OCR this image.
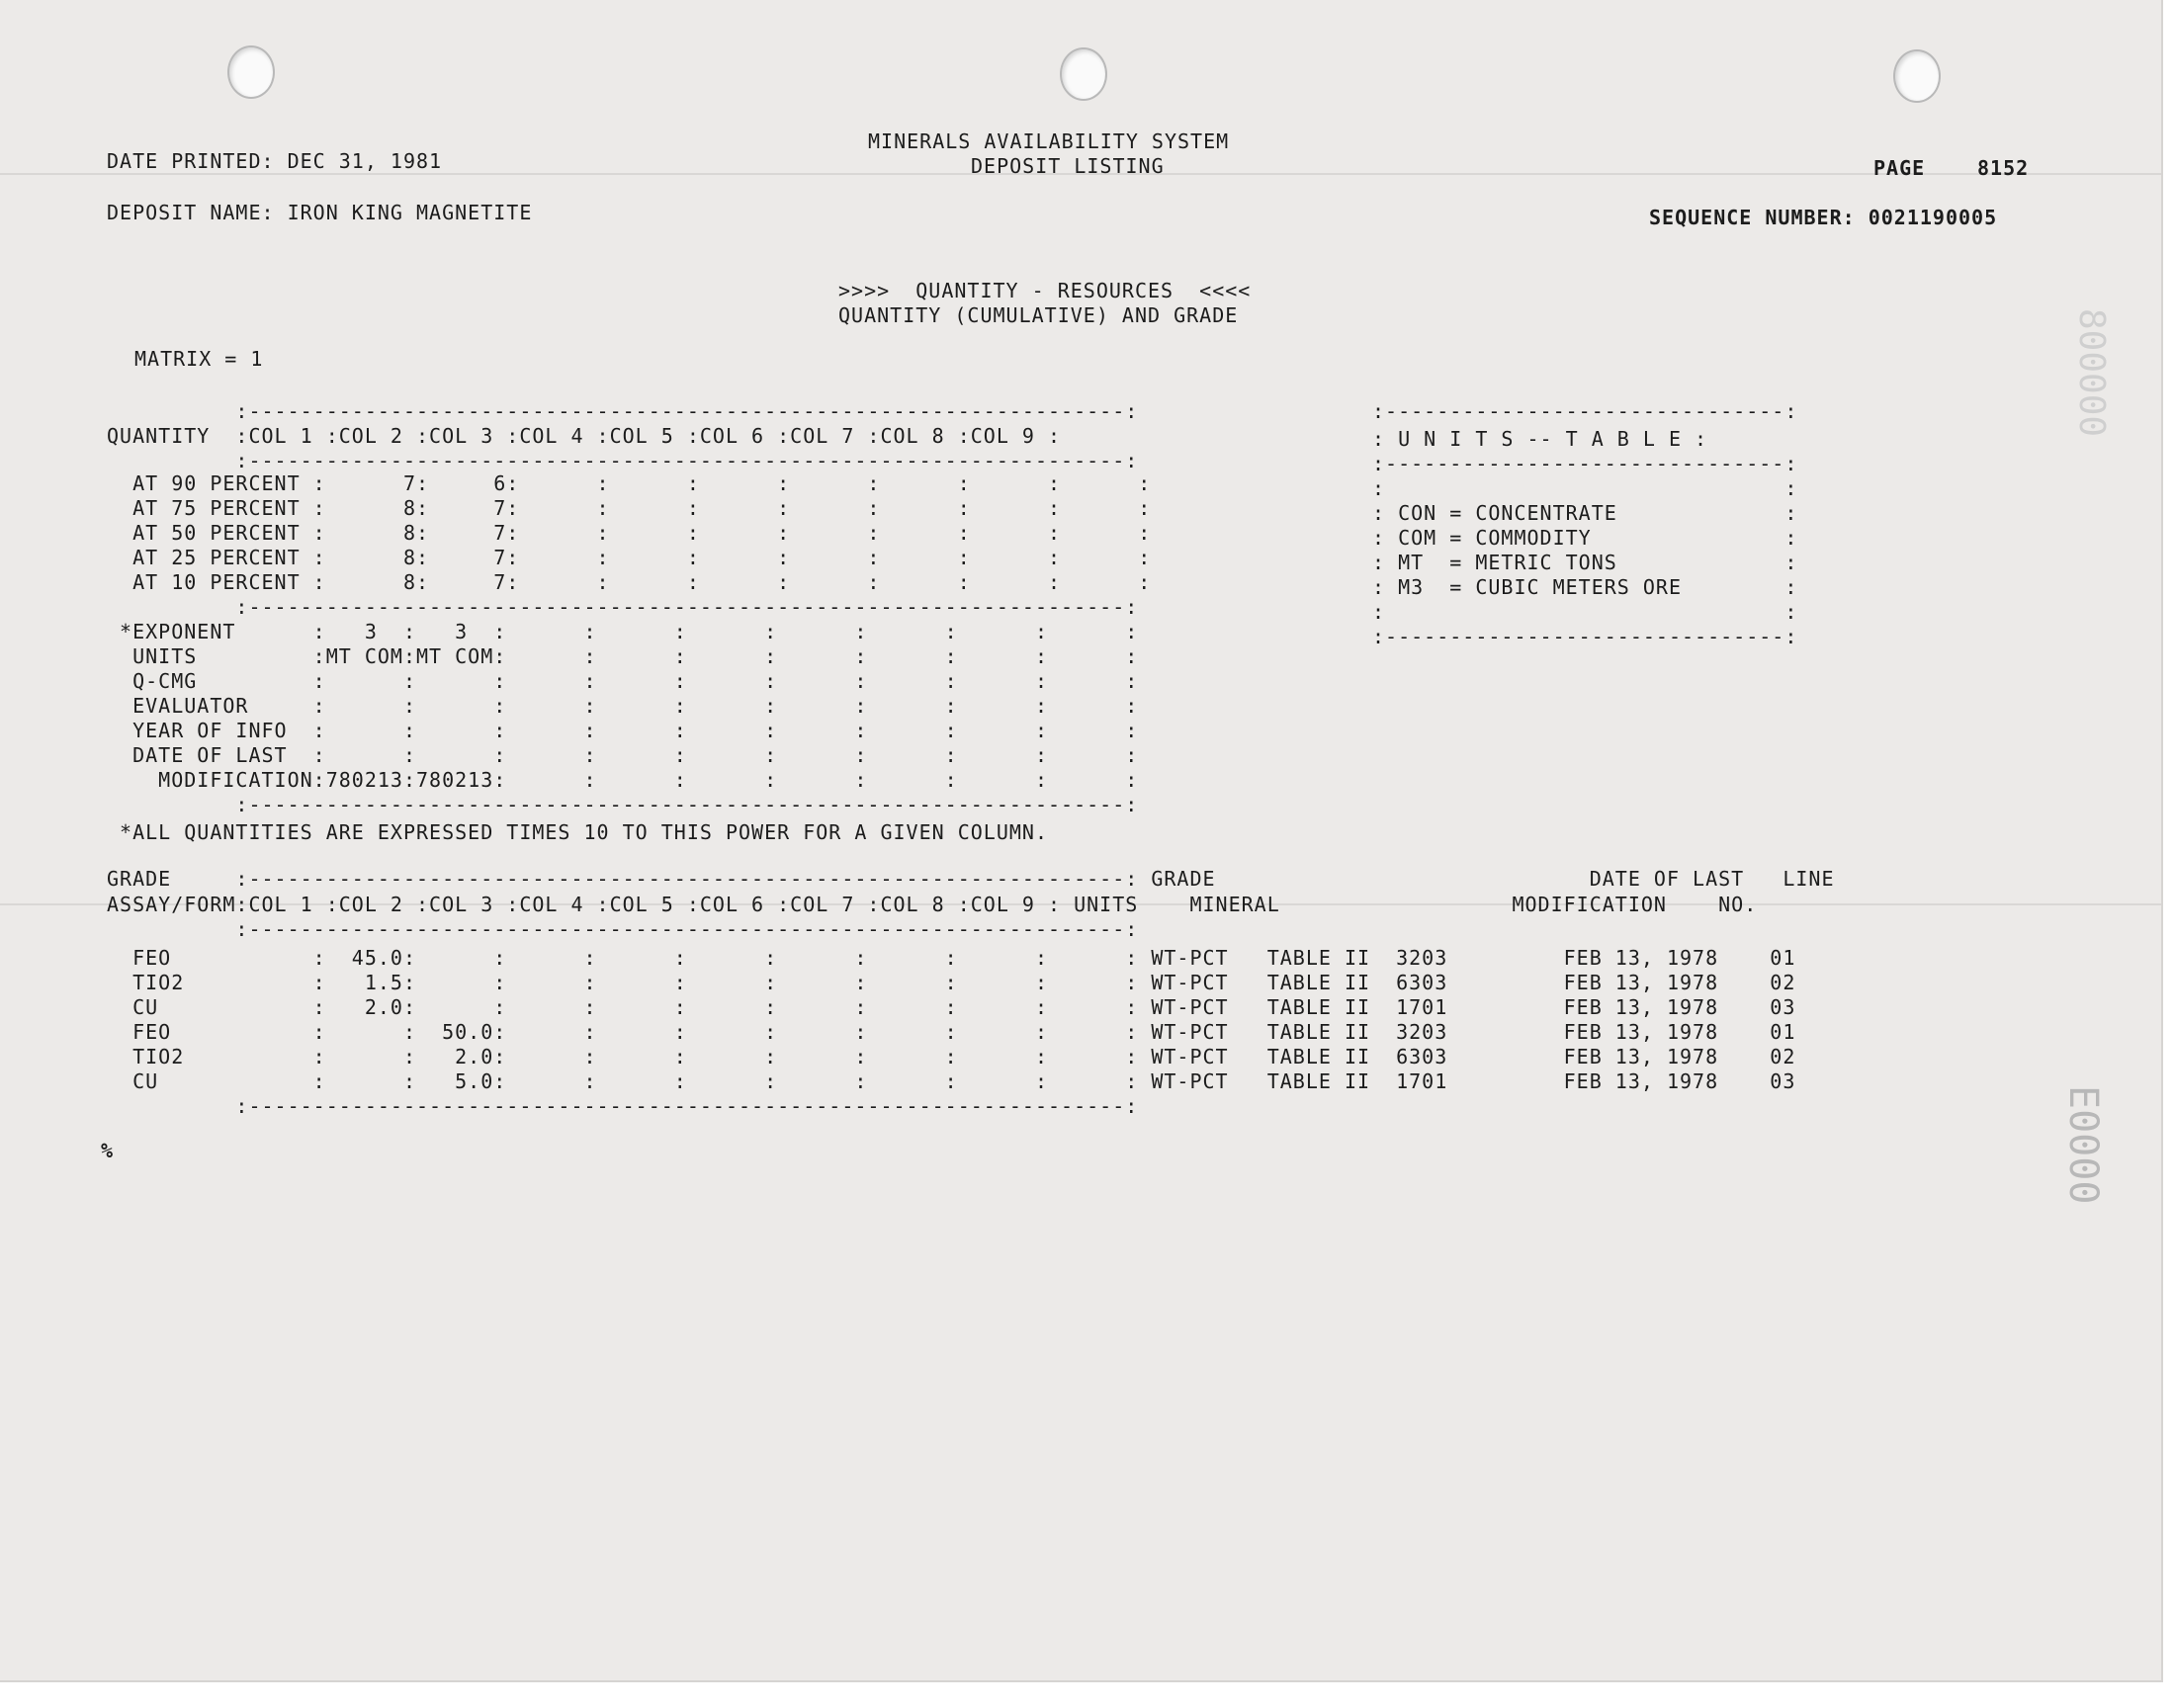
DATE PRINTED: DEC 31, 1981
MINERALS AVAILABILITY SYSTEM
DEPOSIT LISTING	PAGE	8152
DEPOSIT NAME: IRON KING MAGNETITE	SEQUENCE NUMBER: 0021190005
>>>>  QUANTITY - RESOURCES  <<<<
QUANTITY (CUMULATIVE) AND GRADE
MATRIX = 1
:--------------------------------------------------------------------:
QUANTITY  :COL 1 :COL 2 :COL 3 :COL 4 :COL 5 :COL 6 :COL 7 :COL 8 :COL 9 :
:--------------------------------------------------------------------:
AT 90 PERCENT :      7:     6:      :      :      :      :      :      :      :
AT 75 PERCENT :      8:     7:      :      :      :      :      :      :      :
AT 50 PERCENT :      8:     7:      :      :      :      :      :      :      :
AT 25 PERCENT :      8:     7:      :      :      :      :      :      :      :
AT 10 PERCENT :      8:     7:      :      :      :      :      :      :      :
:--------------------------------------------------------------------:
*EXPONENT      :   3  :   3  :      :      :      :      :      :      :      :
UNITS         :MT COM:MT COM:      :      :      :      :      :      :      :
Q-CMG         :      :      :      :      :      :      :      :      :      :
EVALUATOR     :      :      :      :      :      :      :      :      :      :
YEAR OF INFO  :      :      :      :      :      :      :      :      :      :
DATE OF LAST  :      :      :      :      :      :      :      :      :      :
MODIFICATION:780213:780213:      :      :      :      :      :      :      :
:--------------------------------------------------------------------:
*ALL QUANTITIES ARE EXPRESSED TIMES 10 TO THIS POWER FOR A GIVEN COLUMN.
:-------------------------------:
: U N I T S -- T A B L E :
:-------------------------------:
:                               :
: CON = CONCENTRATE             :
: COM = COMMODITY               :
: MT  = METRIC TONS             :
: M3  = CUBIC METERS ORE        :
:                               :
:-------------------------------:
GRADE     :--------------------------------------------------------------------: GRADE                             DATE OF LAST   LINE
ASSAY/FORM:COL 1 :COL 2 :COL 3 :COL 4 :COL 5 :COL 6 :COL 7 :COL 8 :COL 9 : UNITS    MINERAL                  MODIFICATION    NO.
:--------------------------------------------------------------------:
FEO           :  45.0:      :      :      :      :      :      :      :      : WT-PCT   TABLE II  3203         FEB 13, 1978    01
TIO2          :   1.5:      :      :      :      :      :      :      :      : WT-PCT   TABLE II  6303         FEB 13, 1978    02
CU            :   2.0:      :      :      :      :      :      :      :      : WT-PCT   TABLE II  1701         FEB 13, 1978    03
FEO           :      :  50.0:      :      :      :      :      :      :      : WT-PCT   TABLE II  3203         FEB 13, 1978    01
TIO2          :      :   2.0:      :      :      :      :      :      :      : WT-PCT   TABLE II  6303         FEB 13, 1978    02
CU            :      :   5.0:      :      :      :      :      :      :      : WT-PCT   TABLE II  1701         FEB 13, 1978    03
:--------------------------------------------------------------------:
%	E0000
800000
